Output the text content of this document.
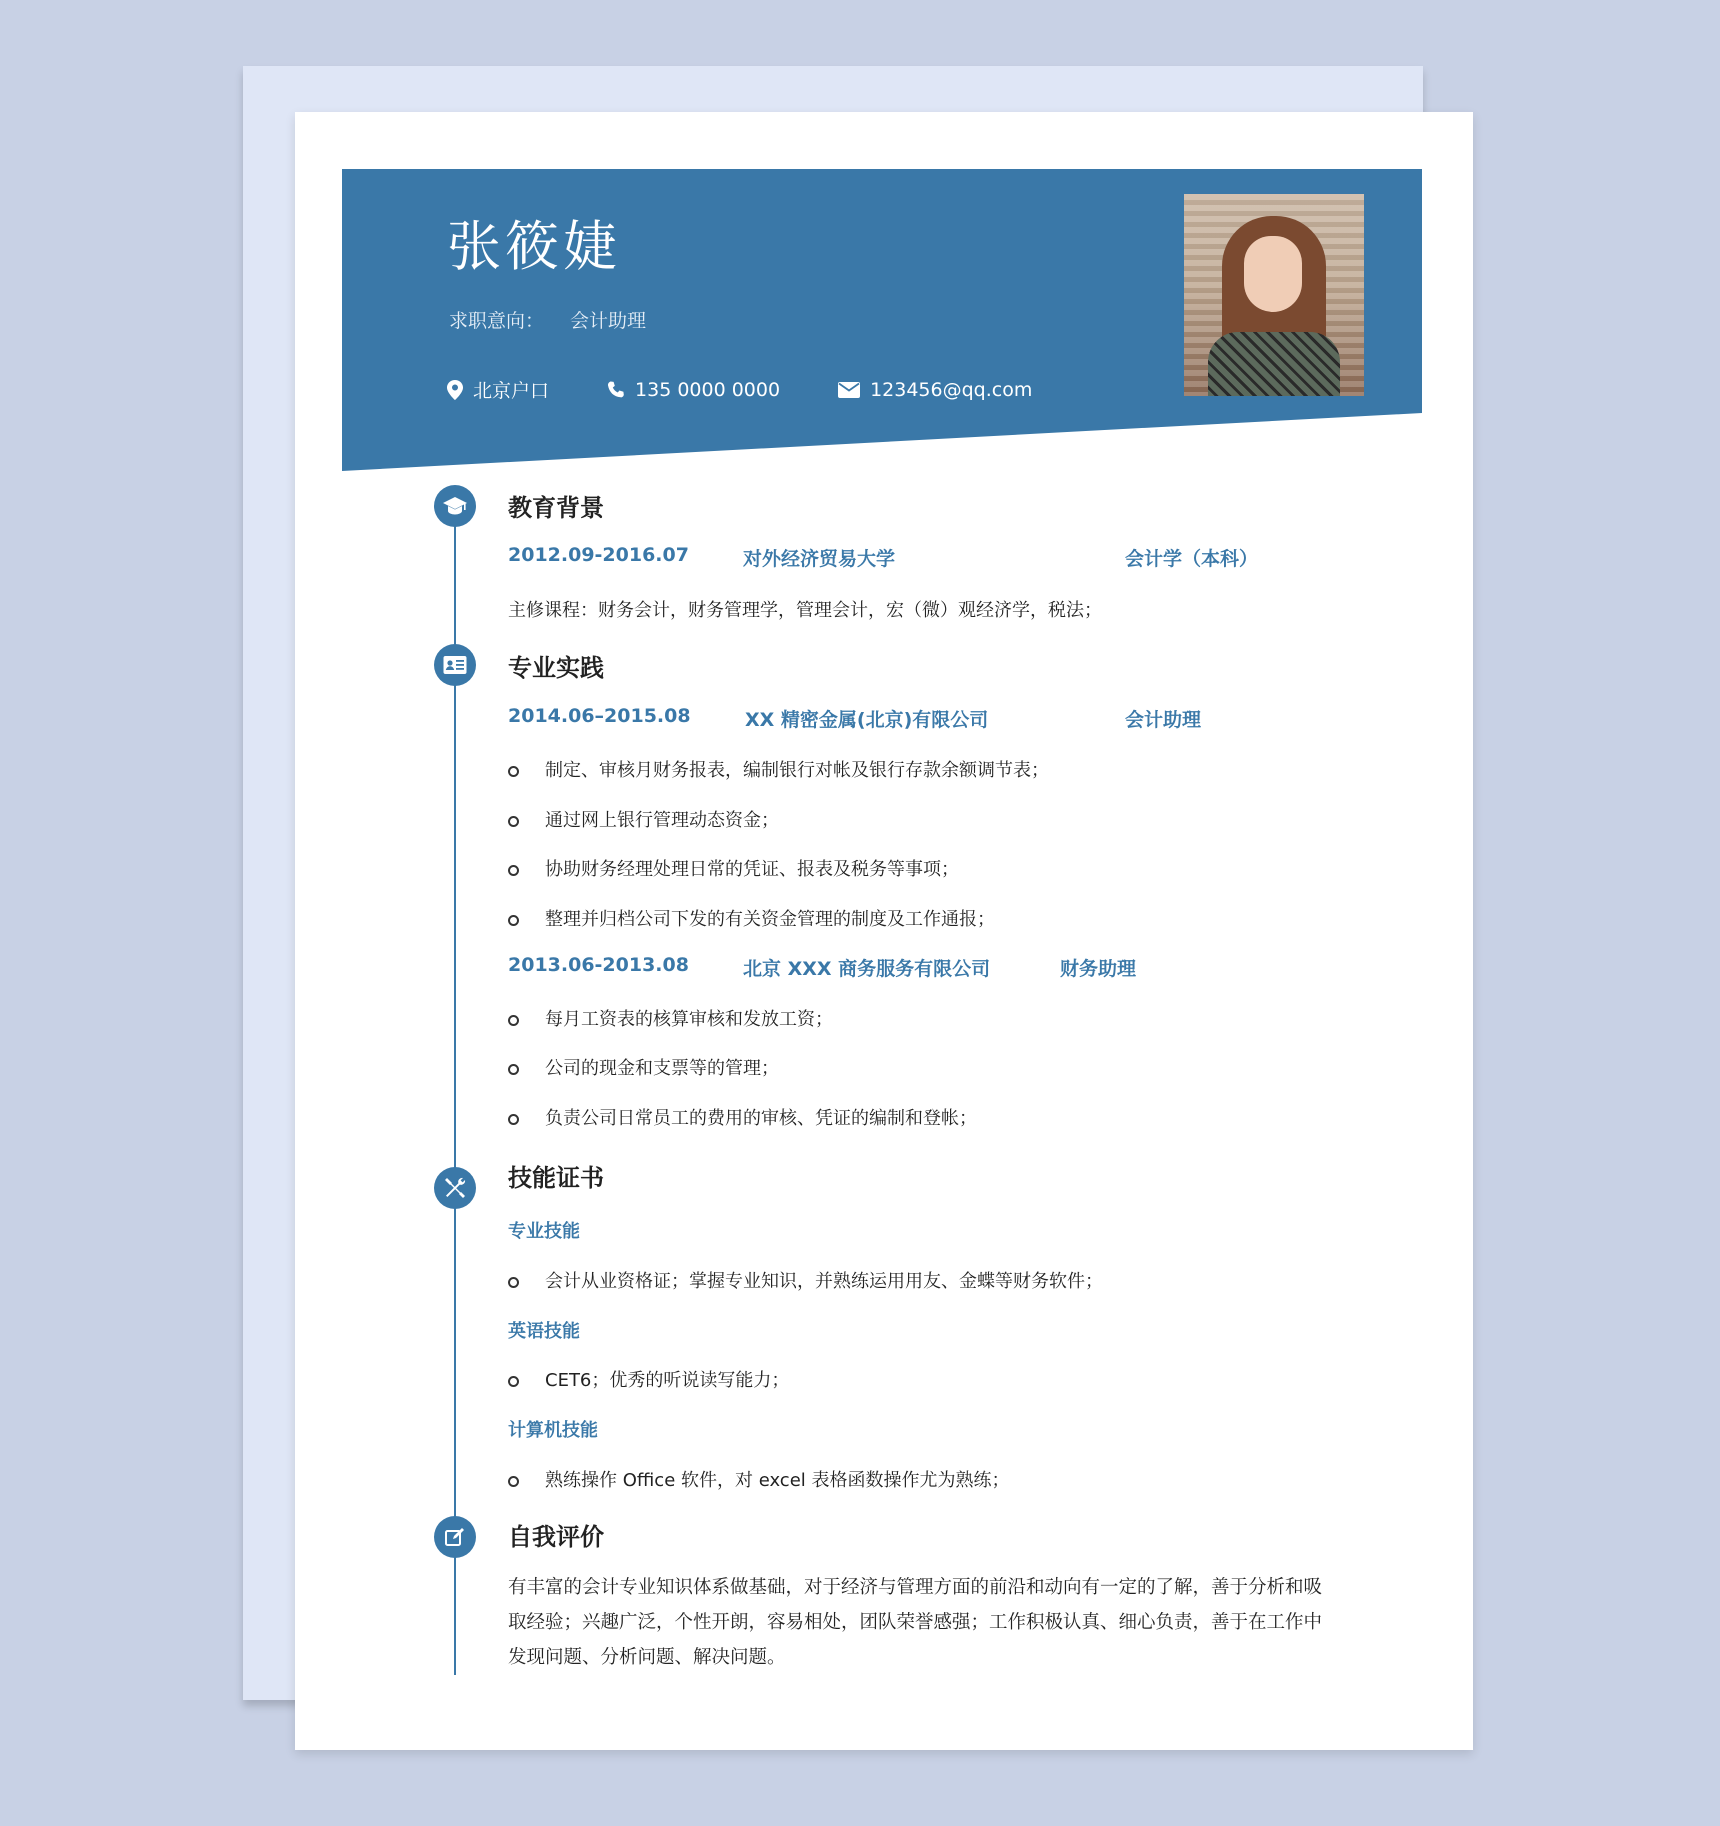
张筱婕
求职意向： 会计助理
北京户口	135 0000 0000	123456@qq.com
教育背景
2012.09-2016.07	对外经济贸易大学	会计学（本科）
主修课程：财务会计，财务管理学，管理会计，宏（微）观经济学，税法；
专业实践
2014.06–2015.08	XX 精密金属(北京)有限公司	会计助理
制定、审核月财务报表，编制银行对帐及银行存款余额调节表；
通过网上银行管理动态资金；
协助财务经理处理日常的凭证、报表及税务等事项；
整理并归档公司下发的有关资金管理的制度及工作通报；
2013.06-2013.08	北京 XXX 商务服务有限公司	财务助理
每月工资表的核算审核和发放工资；
公司的现金和支票等的管理；
负责公司日常员工的费用的审核、凭证的编制和登帐；
技能证书
专业技能
会计从业资格证；掌握专业知识，并熟练运用用友、金蝶等财务软件；
英语技能
CET6；优秀的听说读写能力；
计算机技能
熟练操作 Office 软件，对 excel 表格函数操作尤为熟练；
自我评价
有丰富的会计专业知识体系做基础，对于经济与管理方面的前沿和动向有一定的了解，善于分析和吸取经验；兴趣广泛，个性开朗，容易相处，团队荣誉感强；工作积极认真、细心负责，善于在工作中发现问题、分析问题、解决问题。
